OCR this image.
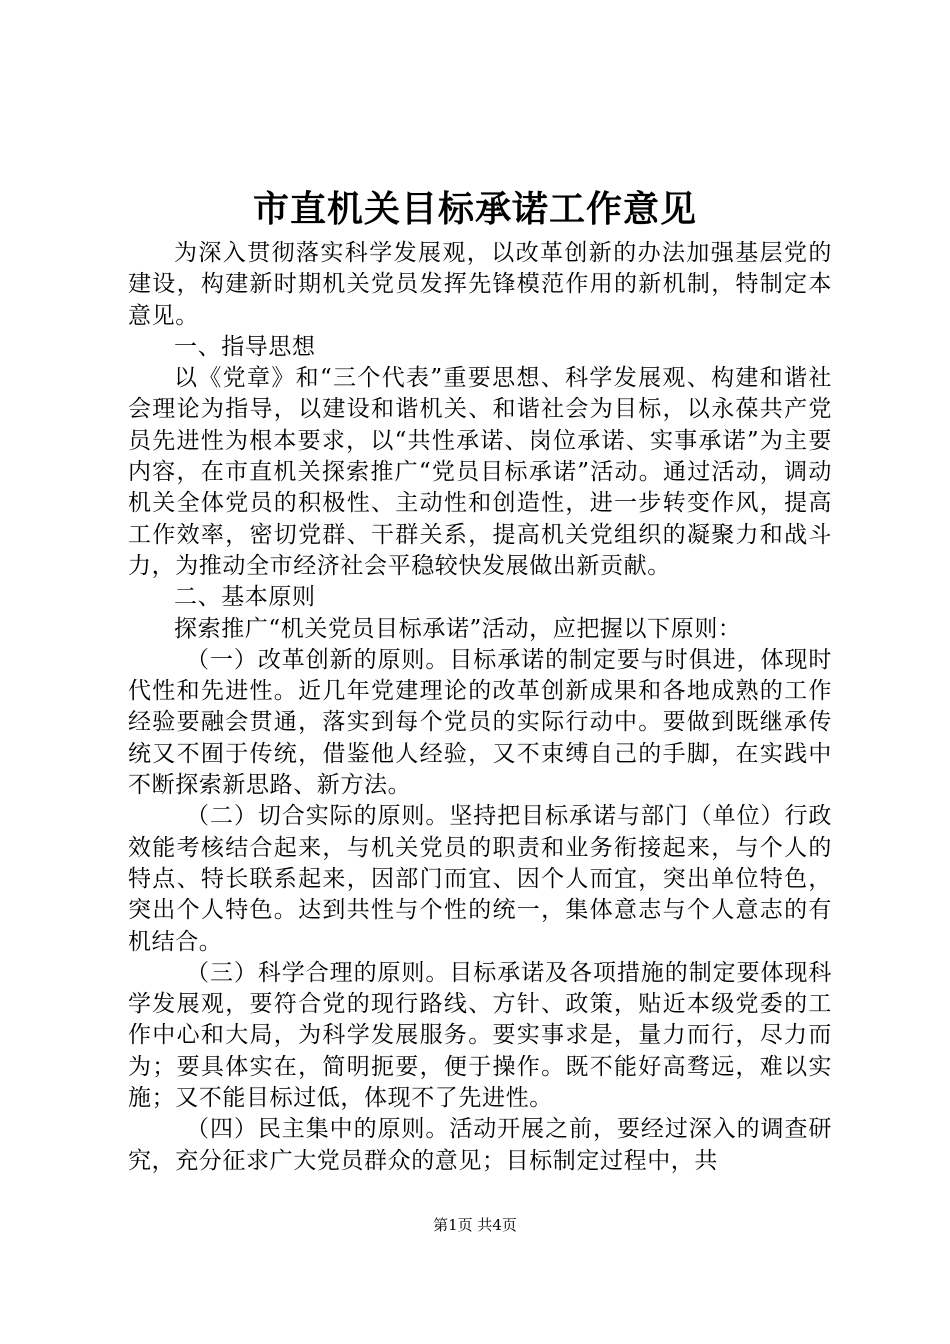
市直机关目标承诺工作意见

为深入贯彻落实科学发展观，以改革创新的办法加强基层党的建设，构建新时期机关党员发挥先锋模范作用的新机制，特制定本意见。

一、指导思想

以《党章》和“三个代表”重要思想、科学发展观、构建和谐社会理论为指导，以建设和谐机关、和谐社会为目标，以永葆共产党员先进性为根本要求，以“共性承诺、岗位承诺、实事承诺”为主要内容，在市直机关探索推广“党员目标承诺”活动。通过活动，调动机关全体党员的积极性、主动性和创造性，进一步转变作风，提高工作效率，密切党群、干群关系，提高机关党组织的凝聚力和战斗力，为推动全市经济社会平稳较快发展做出新贡献。

二、基本原则

探索推广“机关党员目标承诺”活动，应把握以下原则：

（一）改革创新的原则。目标承诺的制定要与时俱进，体现时代性和先进性。近几年党建理论的改革创新成果和各地成熟的工作经验要融会贯通，落实到每个党员的实际行动中。要做到既继承传统又不囿于传统，借鉴他人经验，又不束缚自己的手脚，在实践中不断探索新思路、新方法。

（二）切合实际的原则。坚持把目标承诺与部门（单位）行政效能考核结合起来，与机关党员的职责和业务衔接起来，与个人的特点、特长联系起来，因部门而宜、因个人而宜，突出单位特色，突出个人特色。达到共性与个性的统一，集体意志与个人意志的有机结合。

（三）科学合理的原则。目标承诺及各项措施的制定要体现科学发展观，要符合党的现行路线、方针、政策，贴近本级党委的工作中心和大局，为科学发展服务。要实事求是，量力而行，尽力而为；要具体实在，简明扼要，便于操作。既不能好高骛远，难以实施；又不能目标过低，体现不了先进性。

（四）民主集中的原则。活动开展之前，要经过深入的调查研究，充分征求广大党员群众的意见；目标制定过程中，共

第1页 共4页
